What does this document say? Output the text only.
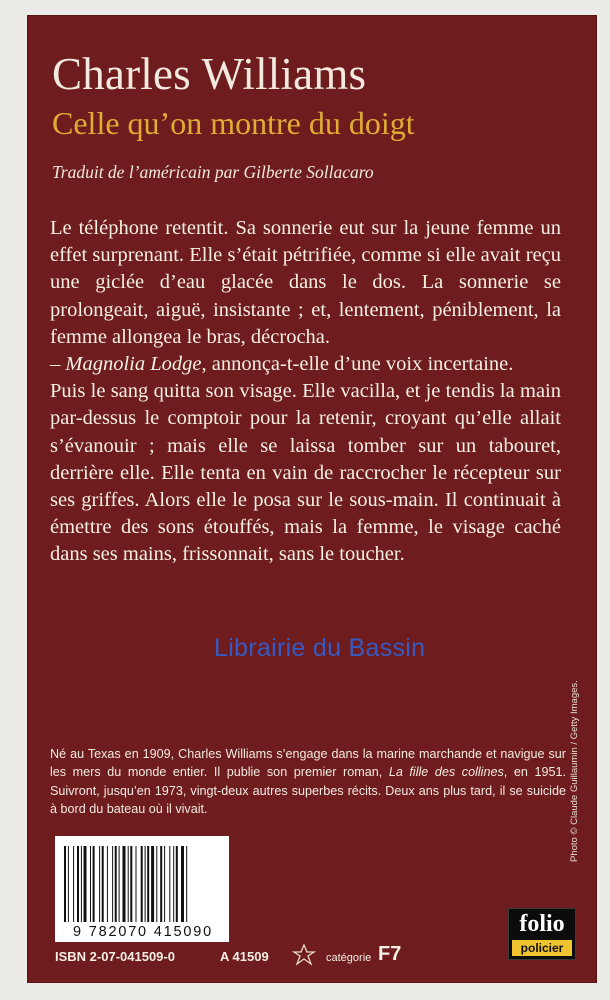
Charles Williams
Celle qu’on montre du doigt
Traduit de l’américain par Gilberte Sollacaro

Le téléphone retentit. Sa sonnerie eut sur la jeune femme un effet surprenant. Elle s’était pétrifiée, comme si elle avait reçu une giclée d’eau glacée dans le dos. La sonnerie se prolongeait, aiguë, insistante ; et, lentement, péniblement, la femme allongea le bras, décrocha.

– Magnolia Lodge, annonça-t-elle d’une voix incertaine.

Puis le sang quitta son visage. Elle vacilla, et je tendis la main par-dessus le comptoir pour la retenir, croyant qu’elle allait s’évanouir ; mais elle se laissa tomber sur un tabouret, derrière elle. Elle tenta en vain de raccrocher le récepteur sur ses griffes. Alors elle le posa sur le sous-main. Il continuait à émettre des sons étouffés, mais la femme, le visage caché dans ses mains, frissonnait, sans le toucher.

Né au Texas en 1909, Charles Williams s’engage dans la marine marchande et navigue sur les mers du monde entier. Il publie son premier roman, La fille des collines, en 1951. Suivront, jusqu’en 1973, vingt-deux autres superbes récits. Deux ans plus tard, il se suicide à bord du bateau où il vivait.	Photo © Claude Guillaumin / Getty Images.
9 782070 415090
ISBN 2-07-041509-0	A 41509	catégorie F7
folio
policier
Librairie du Bassin
